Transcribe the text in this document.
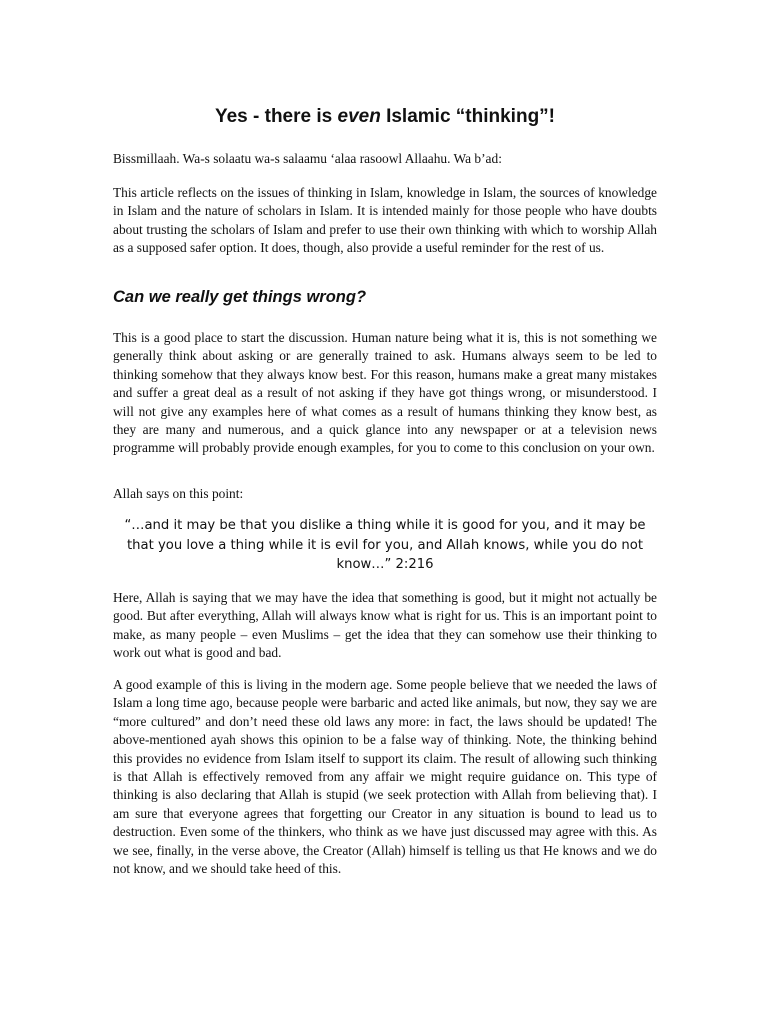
Yes - there is even Islamic “thinking”!

Bissmillaah. Wa-s solaatu wa-s salaamu ‘alaa rasoowl Allaahu. Wa b’ad:

This article reflects on the issues of thinking in Islam, knowledge in Islam, the sources of knowledge in Islam and the nature of scholars in Islam. It is intended mainly for those people who have doubts about trusting the scholars of Islam and prefer to use their own thinking with which to worship Allah as a supposed safer option. It does, though, also provide a useful reminder for the rest of us.

Can we really get things wrong?

This is a good place to start the discussion. Human nature being what it is, this is not something we generally think about asking or are generally trained to ask. Humans always seem to be led to thinking somehow that they always know best. For this reason, humans make a great many mistakes and suffer a great deal as a result of not asking if they have got things wrong, or misunderstood. I will not give any examples here of what comes as a result of humans thinking they know best, as they are many and numerous, and a quick glance into any newspaper or at a television news programme will probably provide enough examples, for you to come to this conclusion on your own.

Allah says on this point:

“…and it may be that you dislike a thing while it is good for you, and it may be that you love a thing while it is evil for you, and Allah knows, while you do not know…” 2:216

Here, Allah is saying that we may have the idea that something is good, but it might not actually be good. But after everything, Allah will always know what is right for us. This is an important point to make, as many people – even Muslims – get the idea that they can somehow use their thinking to work out what is good and bad.

A good example of this is living in the modern age. Some people believe that we needed the laws of Islam a long time ago, because people were barbaric and acted like animals, but now, they say we are “more cultured” and don’t need these old laws any more: in fact, the laws should be updated! The above-mentioned ayah shows this opinion to be a false way of thinking. Note, the thinking behind this provides no evidence from Islam itself to support its claim. The result of allowing such thinking is that Allah is effectively removed from any affair we might require guidance on. This type of thinking is also declaring that Allah is stupid (we seek protection with Allah from believing that). I am sure that everyone agrees that forgetting our Creator in any situation is bound to lead us to destruction. Even some of the thinkers, who think as we have just discussed may agree with this. As we see, finally, in the verse above, the Creator (Allah) himself is telling us that He knows and we do not know, and we should take heed of this.
